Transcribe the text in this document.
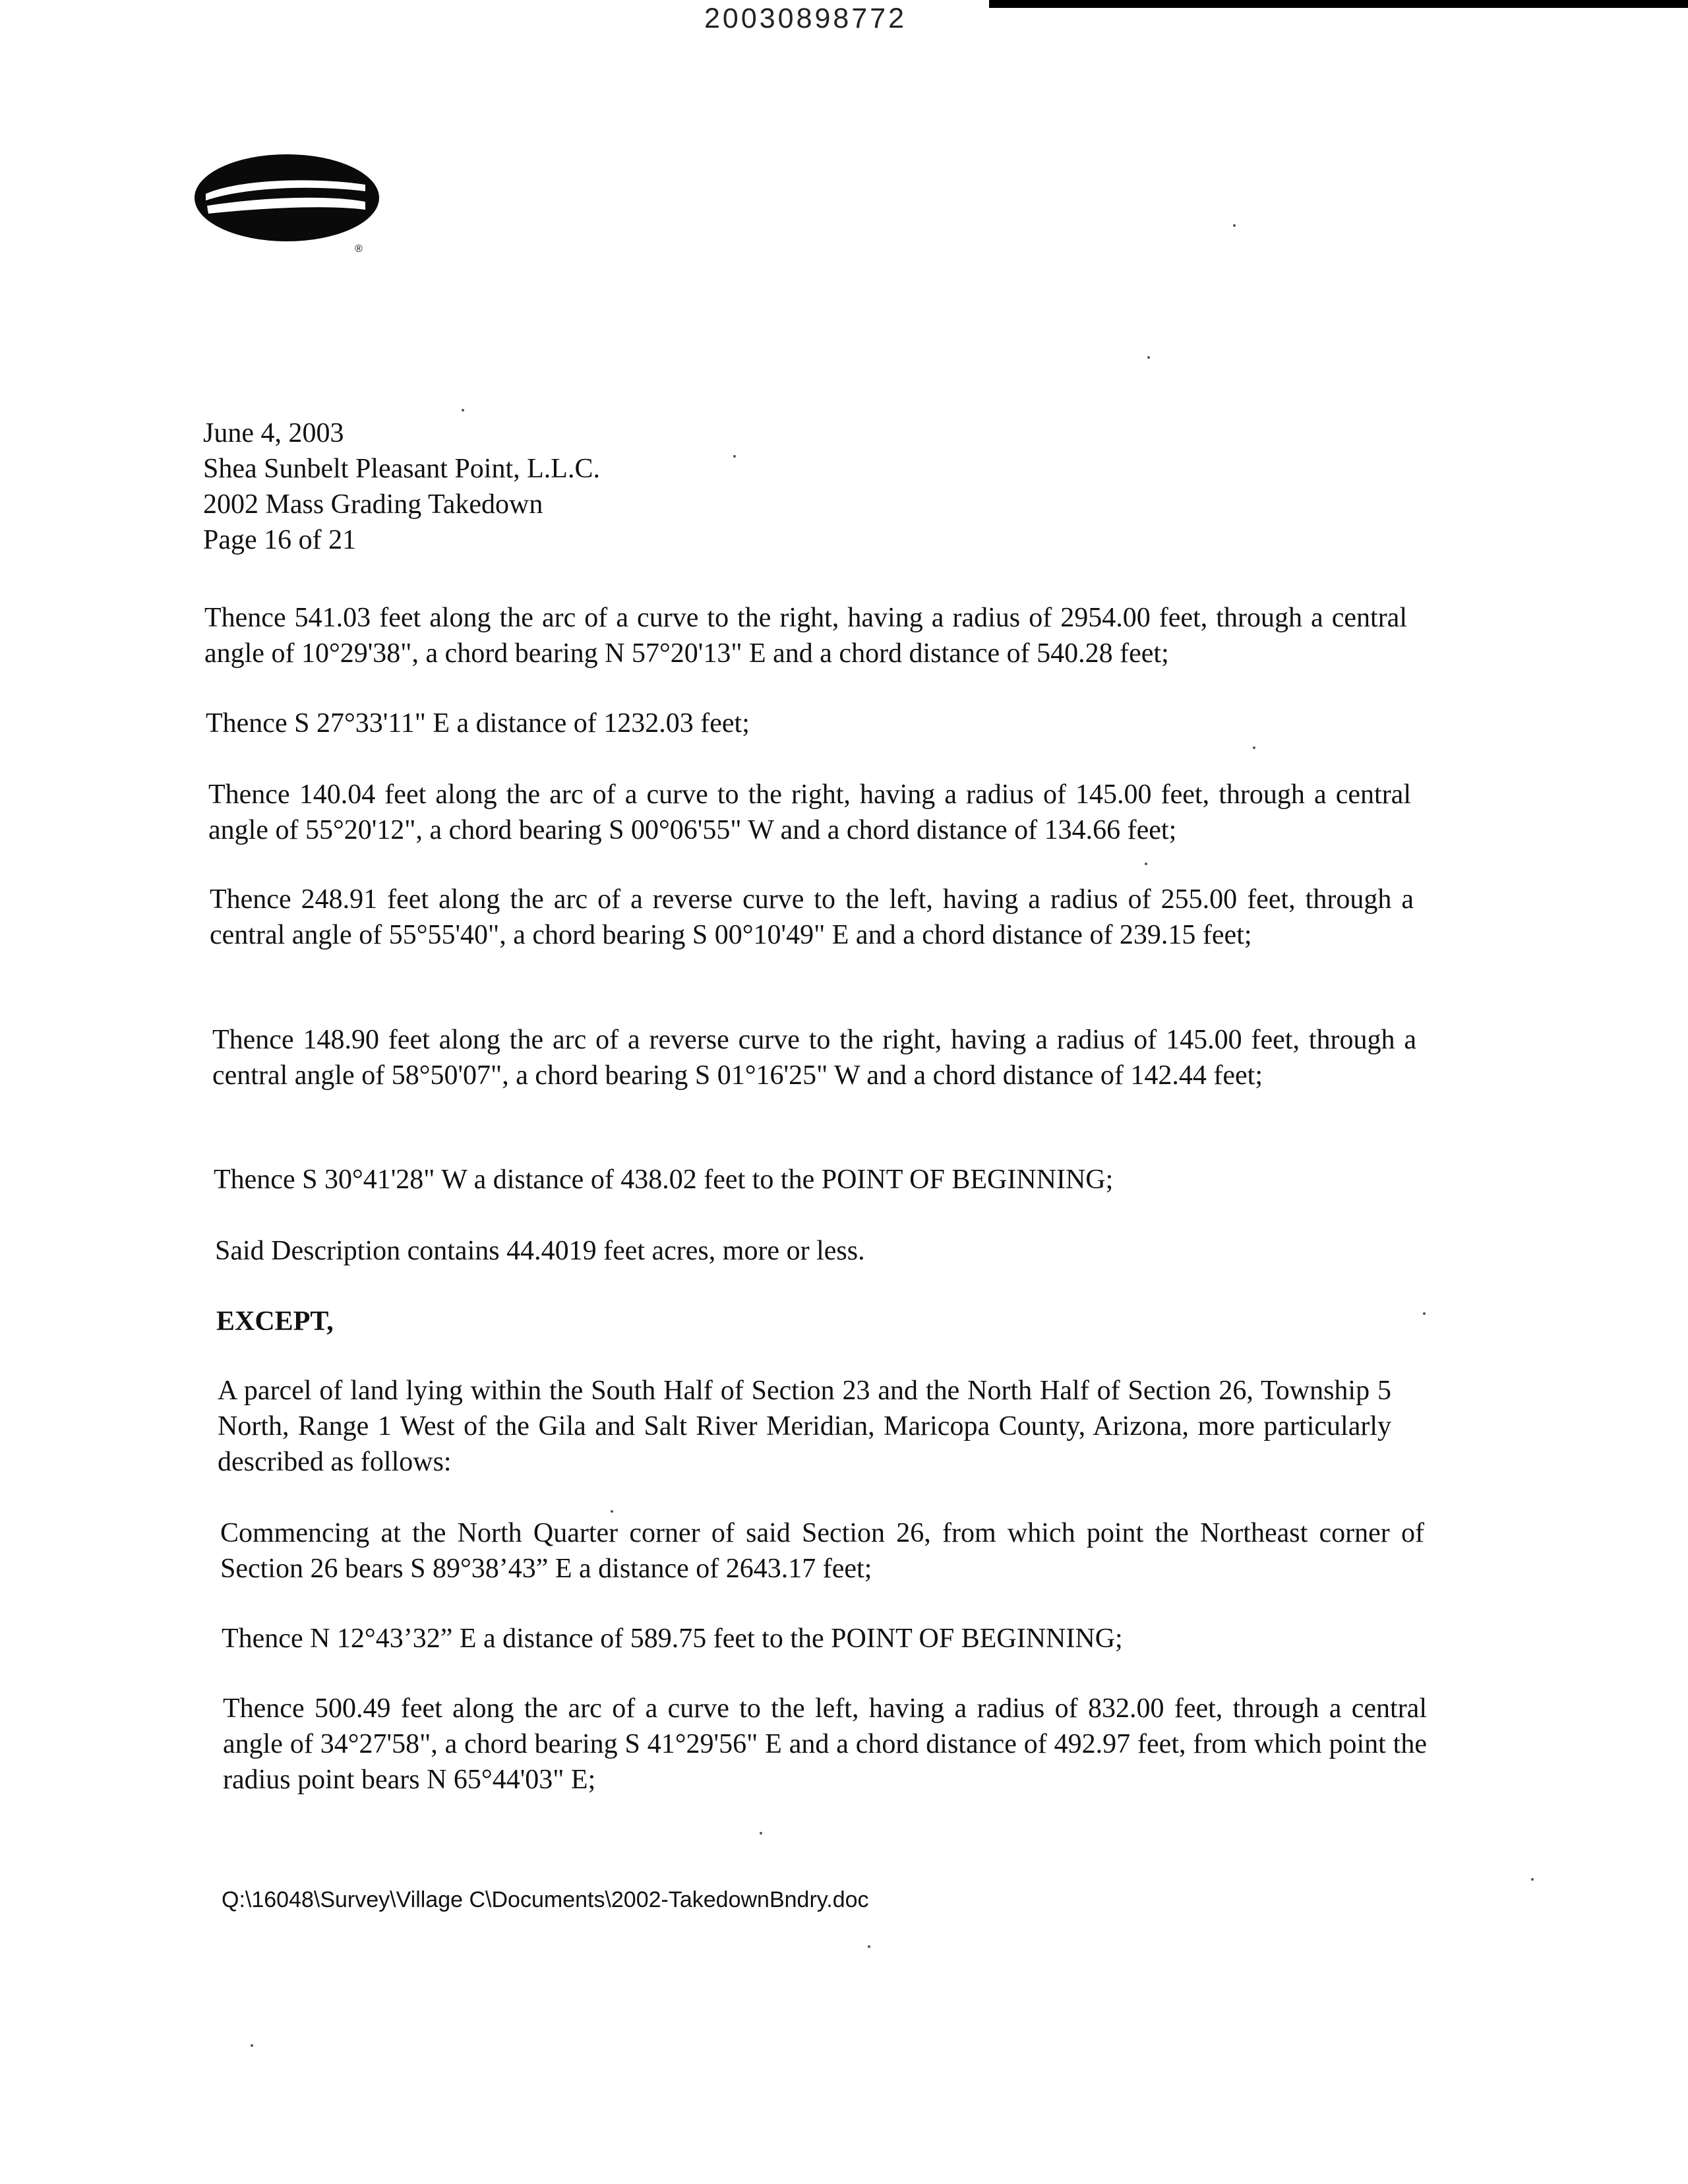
20030898772
®
June 4, 2003
Shea Sunbelt Pleasant Point, L.L.C.
2002 Mass Grading Takedown
Page 16 of 21
Thence 541.03 feet along the arc of a curve to the right, having a radius of 2954.00 feet, through a central angle of 10°29'38", a chord bearing N 57°20'13" E and a chord distance of 540.28 feet;
Thence S 27°33'11" E a distance of 1232.03 feet;
Thence 140.04 feet along the arc of a curve to the right, having a radius of 145.00 feet, through a central angle of 55°20'12", a chord bearing S 00°06'55" W and a chord distance of 134.66 feet;
Thence 248.91 feet along the arc of a reverse curve to the left, having a radius of 255.00 feet, through a central angle of 55°55'40", a chord bearing S 00°10'49" E and a chord distance of 239.15 feet;
Thence 148.90 feet along the arc of a reverse curve to the right, having a radius of 145.00 feet, through a central angle of 58°50'07", a chord bearing S 01°16'25" W and a chord distance of 142.44 feet;
Thence S 30°41'28" W a distance of 438.02 feet to the POINT OF BEGINNING;
Said Description contains 44.4019 feet acres, more or less.
EXCEPT,
A parcel of land lying within the South Half of Section 23 and the North Half of Section 26, Township 5 North, Range 1 West of the Gila and Salt River Meridian, Maricopa County, Arizona, more particularly described as follows:
Commencing at the North Quarter corner of said Section 26, from which point the Northeast corner of Section 26 bears S 89°38’43” E a distance of 2643.17 feet;
Thence N 12°43’32” E a distance of 589.75 feet to the POINT OF BEGINNING;
Thence 500.49 feet along the arc of a curve to the left, having a radius of 832.00 feet, through a central angle of 34°27'58", a chord bearing S 41°29'56" E and a chord distance of 492.97 feet, from which point the radius point bears N 65°44'03" E;
Q:\16048\Survey\Village C\Documents\2002-TakedownBndry.doc
